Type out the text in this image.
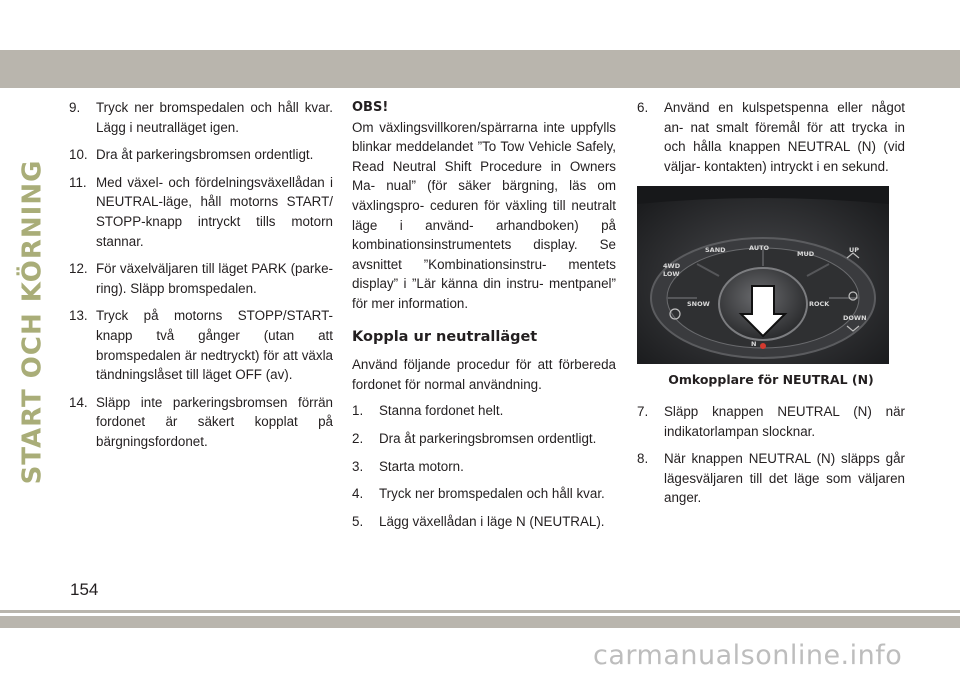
START OCH KÖRNING
9. Tryck ner bromspedalen och håll kvar. Lägg i neutralläget igen.
10. Dra åt parkeringsbromsen ordentligt.
11. Med växel- och fördelningsväxellådan i NEUTRAL-läge, håll motorns START/ STOPP-knapp intryckt tills motorn stannar.
12. För växelväljaren till läget PARK (parke- ring). Släpp bromspedalen.
13. Tryck på motorns STOPP/START-knapp två gånger (utan att bromspedalen är nedtryckt) för att växla tändningslåset till läget OFF (av).
14. Släpp inte parkeringsbromsen förrän fordonet är säkert kopplat på bärgningsfordonet.
OBS!

Om växlingsvillkoren/spärrarna inte uppfylls blinkar meddelandet ”To Tow Vehicle Safely, Read Neutral Shift Procedure in Owners Ma- nual” (för säker bärgning, läs om växlingspro- ceduren för växling till neutralt läge i använd- arhandboken) på kombinationsinstrumentets display. Se avsnittet ”Kombinationsinstru- mentets display” i ”Lär känna din instru- mentpanel” för mer information.

Koppla ur neutralläget

Använd följande procedur för att förbereda fordonet för normal användning.

1. Stanna fordonet helt.
2. Dra åt parkeringsbromsen ordentligt.
3. Starta motorn.
4. Tryck ner bromspedalen och håll kvar.
5. Lägg växellådan i läge N (NEUTRAL).
6. Använd en kulspetspenna eller något an- nat smalt föremål för att trycka in och hålla knappen NEUTRAL (N) (vid väljar- kontakten) intryckt i en sekund.
AUTO
SAND	MUD
4WD
LOW
SNOW	ROCK
UP
DOWN
N
Omkopplare för NEUTRAL (N)
7. Släpp knappen NEUTRAL (N) när indikatorlampan slocknar.
8. När knappen NEUTRAL (N) släpps går lägesväljaren till det läge som väljaren anger.
154
carmanualsonline.info
